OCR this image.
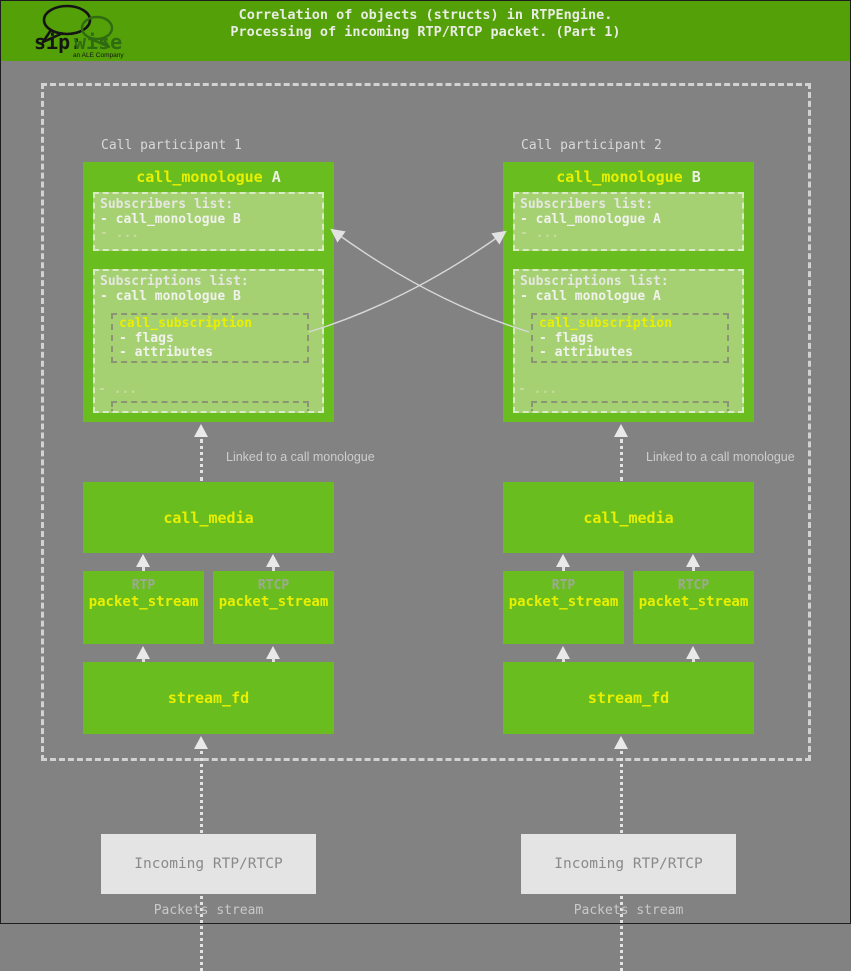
sip:
wise
an ALE Company
Correlation of objects (structs) in RTPEngine.
Processing of incoming RTP/RTCP packet. (Part 1)
Call participant 1
call_monologue A
Subscribers list:
- call_monologue B
- ...
Subscriptions list:
- call monologue B
call_subscription
- flags
- attributes
- ...
Linked to a call monologue
call_media
RTP
packet_stream
RTCP
packet_stream
stream_fd
Incoming RTP/RTCP
Packets stream
Call participant 2
call_monologue B
Subscribers list:
- call_monologue A
- ...
Subscriptions list:
- call monologue A
call_subscription
- flags
- attributes
- ...
Linked to a call monologue
call_media
RTP
packet_stream
RTCP
packet_stream
stream_fd
Incoming RTP/RTCP
Packets stream
